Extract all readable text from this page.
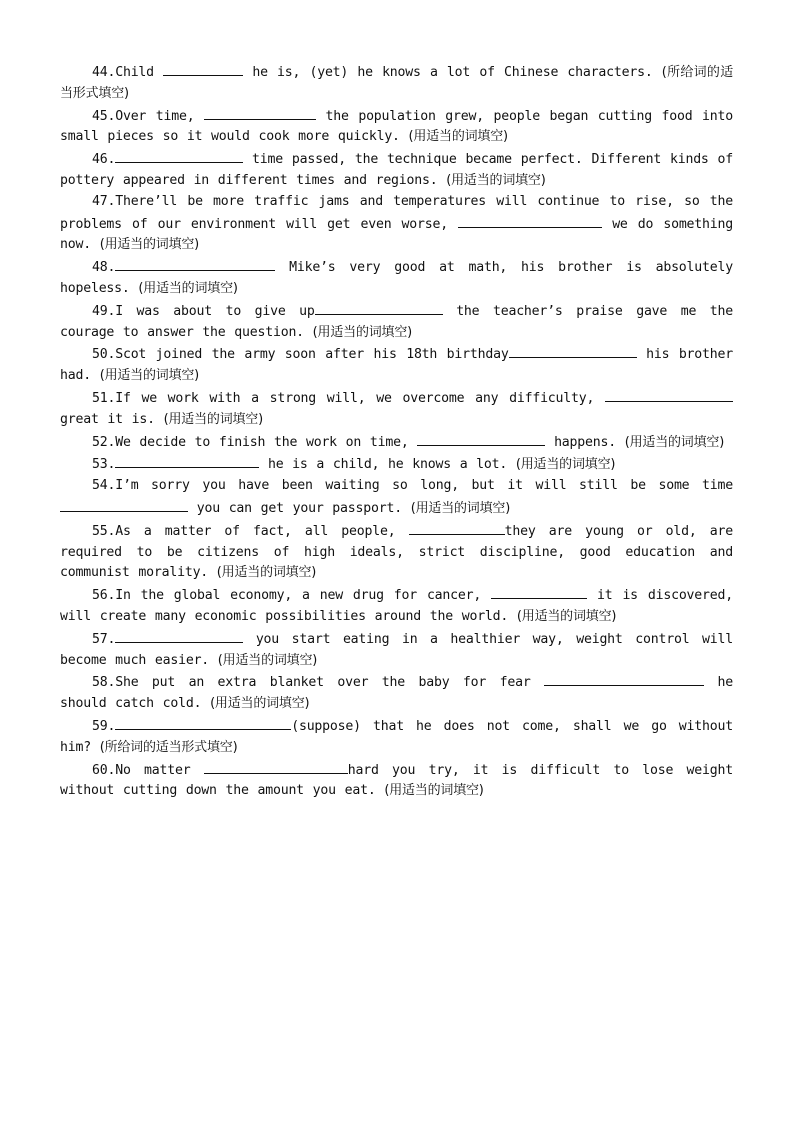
44.Child	he is, (yet) he knows a lot of Chinese characters. (所给词的适当形式填空)

45.Over time,	the population grew, people began cutting food into small pieces so it would cook more quickly. (用适当的词填空)

46.	time passed, the technique became perfect. Different kinds of pottery appeared in different times and regions. (用适当的词填空)

47.There’ll be more traffic jams and temperatures will continue to rise, so the problems of our environment will get even worse,	we do something now. (用适当的词填空)

48.	Mike’s very good at math, his brother is absolutely hopeless. (用适当的词填空)

49.I was about to give up	the teacher’s praise gave me the courage to answer the question. (用适当的词填空)

50.Scot joined the army soon after his 18th birthday	his brother had. (用适当的词填空)

51.If we work with a strong will, we overcome any difficulty,  great it is. (用适当的词填空)

52.We decide to finish the work on time,	happens. (用适当的词填空)

53.	he is a child, he knows a lot. (用适当的词填空)

54.I’m sorry you have been waiting so long, but it will still be some time  you can get your passport. (用适当的词填空)

55.As a matter of fact, all people,	they are young or old, are required to be citizens of high ideals, strict discipline, good education and communist morality. (用适当的词填空)

56.In the global economy, a new drug for cancer,	it is discovered, will create many economic possibilities around the world. (用适当的词填空)

57.	you start eating in a healthier way, weight control will become much easier. (用适当的词填空)

58.She put an extra blanket over the baby for fear	he should catch cold. (用适当的词填空)

59.	(suppose) that he does not come, shall we go without him? (所给词的适当形式填空)

60.No matter	hard you try, it is difficult to lose weight without cutting down the amount you eat. (用适当的词填空)
